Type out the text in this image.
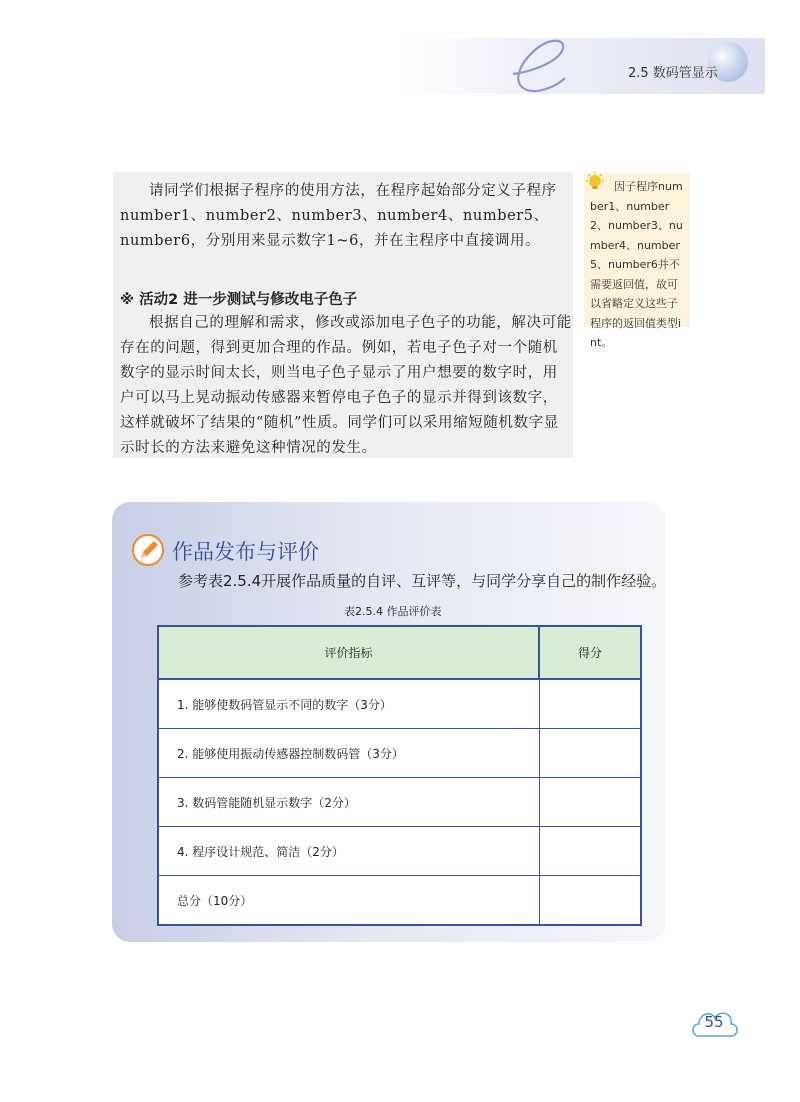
2.5 数码管显示
请同学们根据子程序的使用方法，在程序起始部分定义子程序number1、number2、number3、number4、number5、number6，分别用来显示数字1~6，并在主程序中直接调用。
※ 活动2 进一步测试与修改电子色子
根据自己的理解和需求，修改或添加电子色子的功能，解决可能存在的问题，得到更加合理的作品。例如，若电子色子对一个随机数字的显示时间太长，则当电子色子显示了用户想要的数字时，用户可以马上晃动振动传感器来暂停电子色子的显示并得到该数字，这样就破坏了结果的“随机”性质。同学们可以采用缩短随机数字显示时长的方法来避免这种情况的发生。
因子程序number1、number2、number3、number4、number5、number6并不需要返回值，故可以省略定义这些子程序的返回值类型int。
作品发布与评价
参考表2.5.4开展作品质量的自评、互评等，与同学分享自己的制作经验。
表2.5.4 作品评价表
评价指标	得分
1. 能够使数码管显示不同的数字（3分）	
2. 能够使用振动传感器控制数码管（3分）	
3. 数码管能随机显示数字（2分）	
4. 程序设计规范、简洁（2分）	
总分（10分）	
55
